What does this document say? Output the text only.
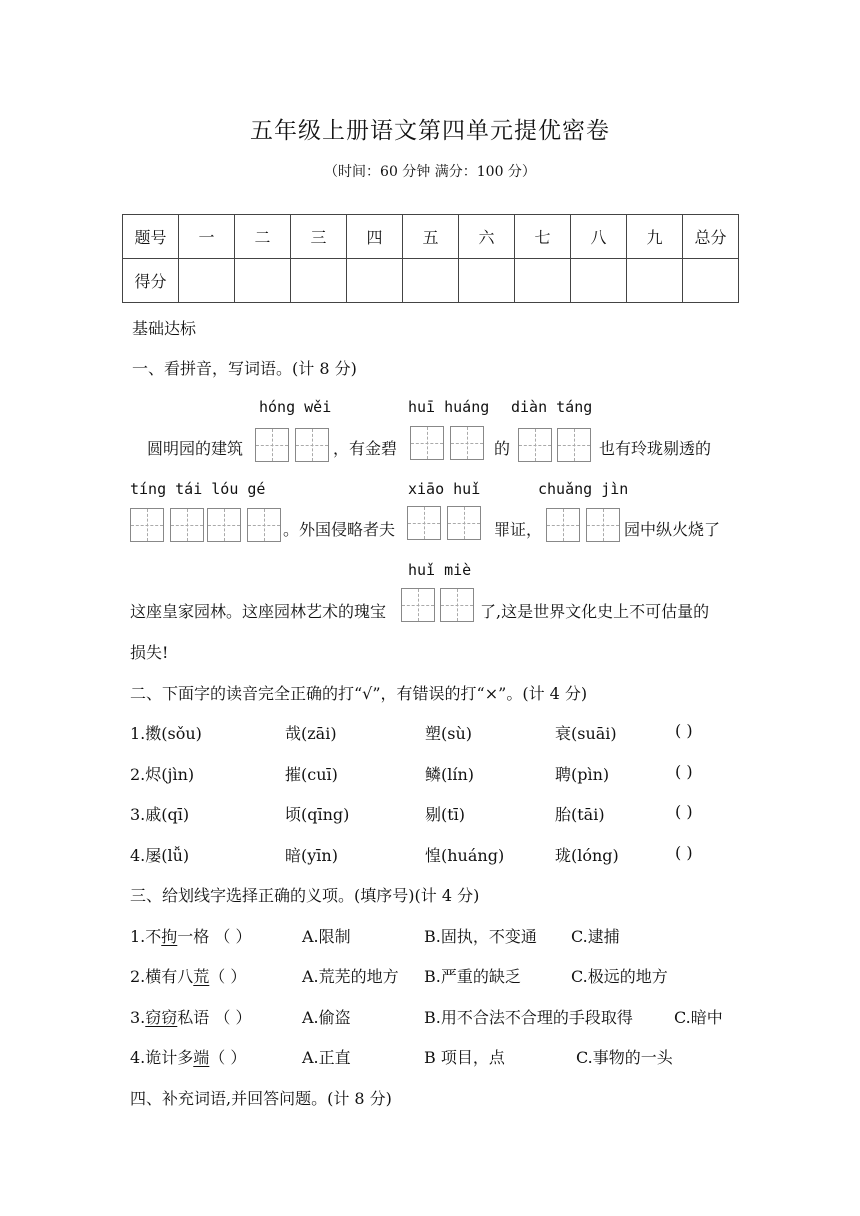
五年级上册语文第四单元提优密卷
（时间：60 分钟 满分：100 分）
题号	一	二	三	四	五	六	七	八	九	总分
得分										
基础达标
一、看拼音，写词语。(计 8 分)
hóng wěi	huī huáng diàn táng
圆明园的建筑	，有金碧	的	也有玲珑剔透的
tíng tái lóu gé	xiāo huǐ	chuǎng jìn
。外国侵略者夫	罪证，	园中纵火烧了
huǐ miè
这座皇家园林。这座园林艺术的瑰宝	了,这是世界文化史上不可估量的
损失!
二、下面字的读音完全正确的打“√”，有错误的打“×”。(计 4 分)
1.擞(sǒu)	哉(zāi)	塑(sù)	衰(suāi)	( )
2.烬(jìn)	摧(cuī)	鳞(lín)	聘(pìn)	( )
3.戚(qī)	顷(qīng)	剔(tī)	胎(tāi)	( )
4.屡(lǚ)	暗(yīn)	惶(huáng)	珑(lóng)	( )
三、给划线字选择正确的义项。(填序号)(计 4 分)
1.不拘一格 （ ）	A.限制	B.固执，不变通 C.逮捕
2.横有八荒（ ）	A.荒芜的地方 B.严重的缺乏	C.极远的地方
3.窃窃私语 （ ）	A.偷盗	B.用不合法不合理的手段取得	C.暗中
4.诡计多端（ ）	A.正直	B 项目，点	C.事物的一头
四、补充词语,并回答问题。(计 8 分)
